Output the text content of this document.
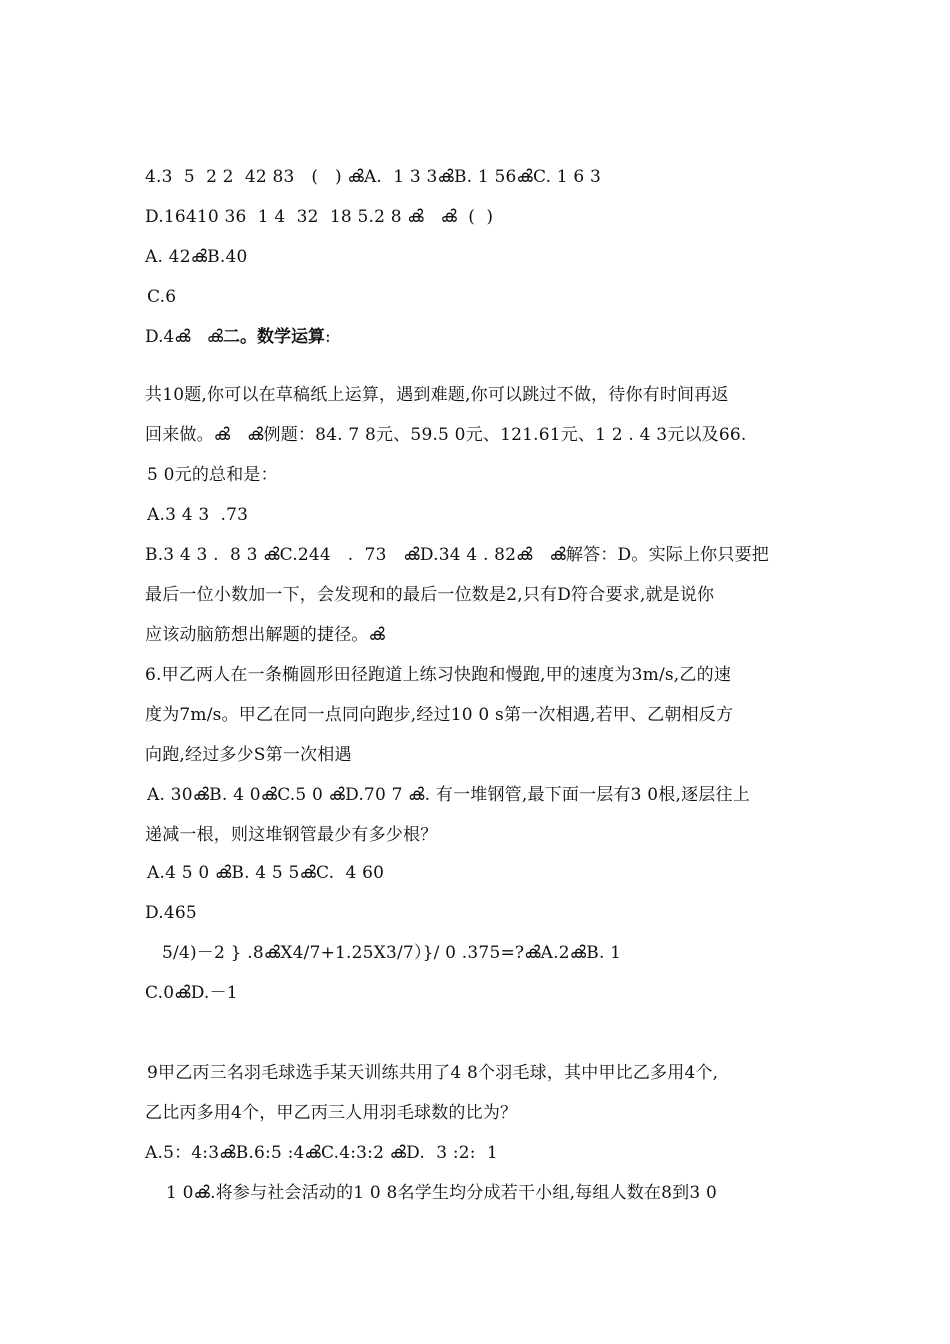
4.3  5  2 2  42 83   (   ) ൿA.  1 3 3ൿB. 1 56ൿC. 1 6 3
D.16410 36  1 4  32  18 5.2 8 ൿ   ൿ  (  )
A. 42ൿB.40
C.6
D.4ൿ   ൿ二。数学运算:
共10题,你可以在草稿纸上运算，遇到难题,你可以跳过不做，待你有时间再返
回来做。ൿ   ൿ例题：84. 7 8元、59.5 0元、121.61元、1 2 . 4 3元以及66.
5 0元的总和是：
A.3 4 3  .73
B.3 4 3 .  8 3 ൿC.244   .  73   ൿD.34 4 . 82ൿ   ൿ解答：D。实际上你只要把
最后一位小数加一下，会发现和的最后一位数是2,只有D符合要求,就是说你
应该动脑筋想出解题的捷径。ൿ
6.甲乙两人在一条椭圆形田径跑道上练习快跑和慢跑,甲的速度为3m/s,乙的速
度为7m/s。甲乙在同一点同向跑步,经过10 0 s第一次相遇,若甲、乙朝相反方
向跑,经过多少S第一次相遇
A. 30ൿB. 4 0ൿC.5 0 ൿD.70 7 ൿ. 有一堆钢管,最下面一层有3 0根,逐层往上
递减一根，则这堆钢管最少有多少根？
A.4 5 0 ൿB. 4 5 5ൿC.  4 60
D.465
5/4)－2 } .8ൿX4/7+1.25X3/7）}/ 0 .375=?ൿA.2ൿB. 1
C.0ൿD.－1
9甲乙丙三名羽毛球选手某天训练共用了4 8个羽毛球，其中甲比乙多用4个,
乙比丙多用4个，甲乙丙三人用羽毛球数的比为？
A.5：4:3ൿB.6:5 :4ൿC.4:3:2 ൿD.  3 :2:  1
1 0ൿ.将参与社会活动的1 0 8名学生均分成若干小组,每组人数在8到3 0
